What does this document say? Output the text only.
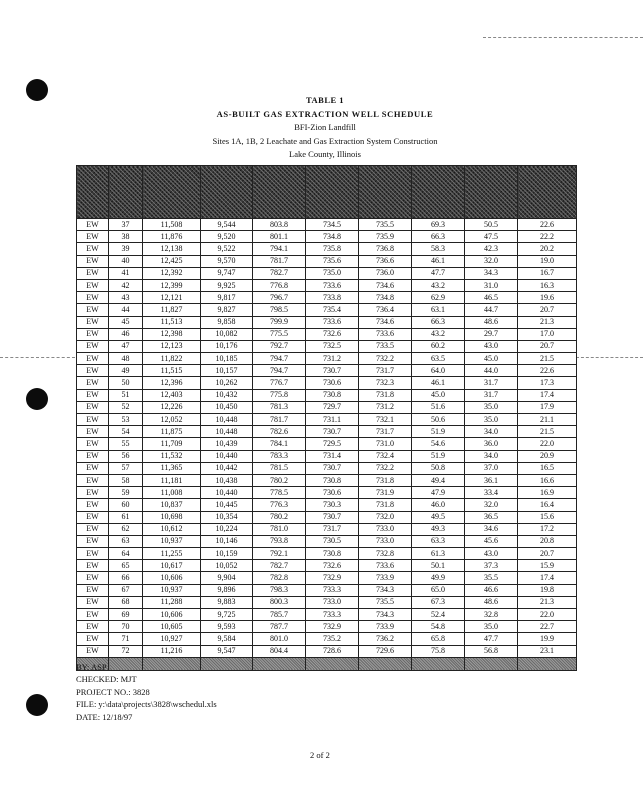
TABLE 1
AS-BUILT GAS EXTRACTION WELL SCHEDULE
BFI-Zion Landfill
Sites 1A, 1B, 2 Leachate and Gas Extraction System Construction
Lake County, Illinois

EW	37	11,508	9,544	803.8	734.5	735.5	69.3	50.5	22.6
EW	38	11,876	9,520	801.1	734.8	735.9	66.3	47.5	22.2
EW	39	12,138	9,522	794.1	735.8	736.8	58.3	42.3	20.2
EW	40	12,425	9,570	781.7	735.6	736.6	46.1	32.0	19.0
EW	41	12,392	9,747	782.7	735.0	736.0	47.7	34.3	16.7
EW	42	12,399	9,925	776.8	733.6	734.6	43.2	31.0	16.3
EW	43	12,121	9,817	796.7	733.8	734.8	62.9	46.5	19.6
EW	44	11,827	9,827	798.5	735.4	736.4	63.1	44.7	20.7
EW	45	11,513	9,858	799.9	733.6	734.6	66.3	48.6	21.3
EW	46	12,398	10,082	775.5	732.6	733.6	43.2	29.7	17.0
EW	47	12,123	10,176	792.7	732.5	733.5	60.2	43.0	20.7
EW	48	11,822	10,185	794.7	731.2	732.2	63.5	45.0	21.5
EW	49	11,515	10,157	794.7	730.7	731.7	64.0	44.0	22.6
EW	50	12,396	10,262	776.7	730.6	732.3	46.1	31.7	17.3
EW	51	12,403	10,432	775.8	730.8	731.8	45.0	31.7	17.4
EW	52	12,226	10,450	781.3	729.7	731.2	51.6	35.0	17.9
EW	53	12,052	10,448	781.7	731.1	732.1	50.6	35.0	21.1
EW	54	11,875	10,448	782.6	730.7	731.7	51.9	34.0	21.5
EW	55	11,709	10,439	784.1	729.5	731.0	54.6	36.0	22.0
EW	56	11,532	10,440	783.3	731.4	732.4	51.9	34.0	20.9
EW	57	11,365	10,442	781.5	730.7	732.2	50.8	37.0	16.5
EW	58	11,181	10,438	780.2	730.8	731.8	49.4	36.1	16.6
EW	59	11,008	10,440	778.5	730.6	731.9	47.9	33.4	16.9
EW	60	10,837	10,445	776.3	730.3	731.8	46.0	32.0	16.4
EW	61	10,698	10,354	780.2	730.7	732.0	49.5	36.5	15.6
EW	62	10,612	10,224	781.0	731.7	733.0	49.3	34.6	17.2
EW	63	10,937	10,146	793.8	730.5	733.0	63.3	45.6	20.8
EW	64	11,255	10,159	792.1	730.8	732.8	61.3	43.0	20.7
EW	65	10,617	10,052	782.7	732.6	733.6	50.1	37.3	15.9
EW	66	10,606	9,904	782.8	732.9	733.9	49.9	35.5	17.4
EW	67	10,937	9,896	798.3	733.3	734.3	65.0	46.6	19.8
EW	68	11,288	9,883	800.3	733.0	735.5	67.3	48.6	21.3
EW	69	10,606	9,725	785.7	733.3	734.3	52.4	32.8	22.0
EW	70	10,605	9,593	787.7	732.9	733.9	54.8	35.0	22.7
EW	71	10,927	9,584	801.0	735.2	736.2	65.8	47.7	19.9
EW	72	11,216	9,547	804.4	728.6	729.6	75.8	56.8	23.1

BY: ASP
CHECKED: MJT
PROJECT NO.: 3828
FILE: y:\data\projects\3828\wschedul.xls
DATE: 12/18/97
2 of 2
